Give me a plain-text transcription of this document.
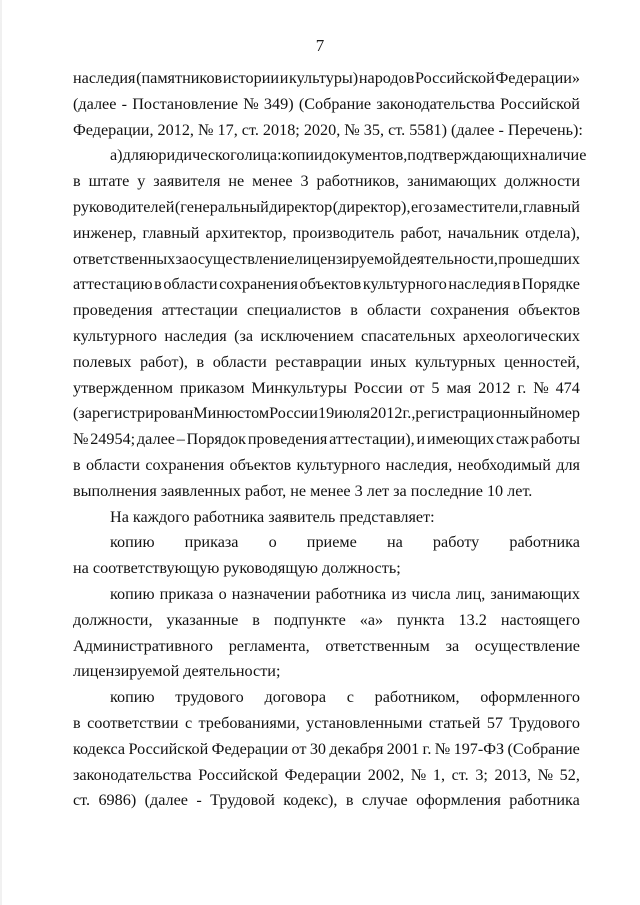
7
наследия (памятников истории и культуры) народов Российской Федерации»
(далее - Постановление № 349) (Собрание законодательства Российской
Федерации, 2012, № 17, ст. 2018; 2020, № 35, ст. 5581) (далее - Перечень):
а) для юридического лица: копии документов, подтверждающих наличие
в штате у заявителя не менее 3 работников, занимающих должности
руководителей (генеральный директор (директор), его заместители, главный
инженер, главный архитектор, производитель работ, начальник отдела),
ответственных за осуществление лицензируемой деятельности, прошедших
аттестацию в области сохранения объектов культурного наследия в Порядке
проведения аттестации специалистов в области сохранения объектов
культурного наследия (за исключением спасательных археологических
полевых работ), в области реставрации иных культурных ценностей,
утвержденном приказом Минкультуры России от 5 мая 2012 г. № 474
(зарегистрирован Минюстом России 19 июля 2012 г., регистрационный номер
№ 24954; далее – Порядок проведения аттестации), и имеющих стаж работы
в области сохранения объектов культурного наследия, необходимый для
выполнения заявленных работ, не менее 3 лет за последние 10 лет.
На каждого работника заявитель представляет:
копию приказа о приеме на работу работника
на соответствующую руководящую должность;
копию приказа о назначении работника из числа лиц, занимающих
должности, указанные в подпункте «а» пункта 13.2 настоящего
Административного регламента, ответственным за осуществление
лицензируемой деятельности;
копию трудового договора с работником, оформленного
в соответствии с требованиями, установленными статьей 57 Трудового
кодекса Российской Федерации от 30 декабря 2001 г. № 197-ФЗ (Собрание
законодательства Российской Федерации 2002, № 1, ст. 3; 2013, № 52,
ст. 6986) (далее - Трудовой кодекс), в случае оформления работника
